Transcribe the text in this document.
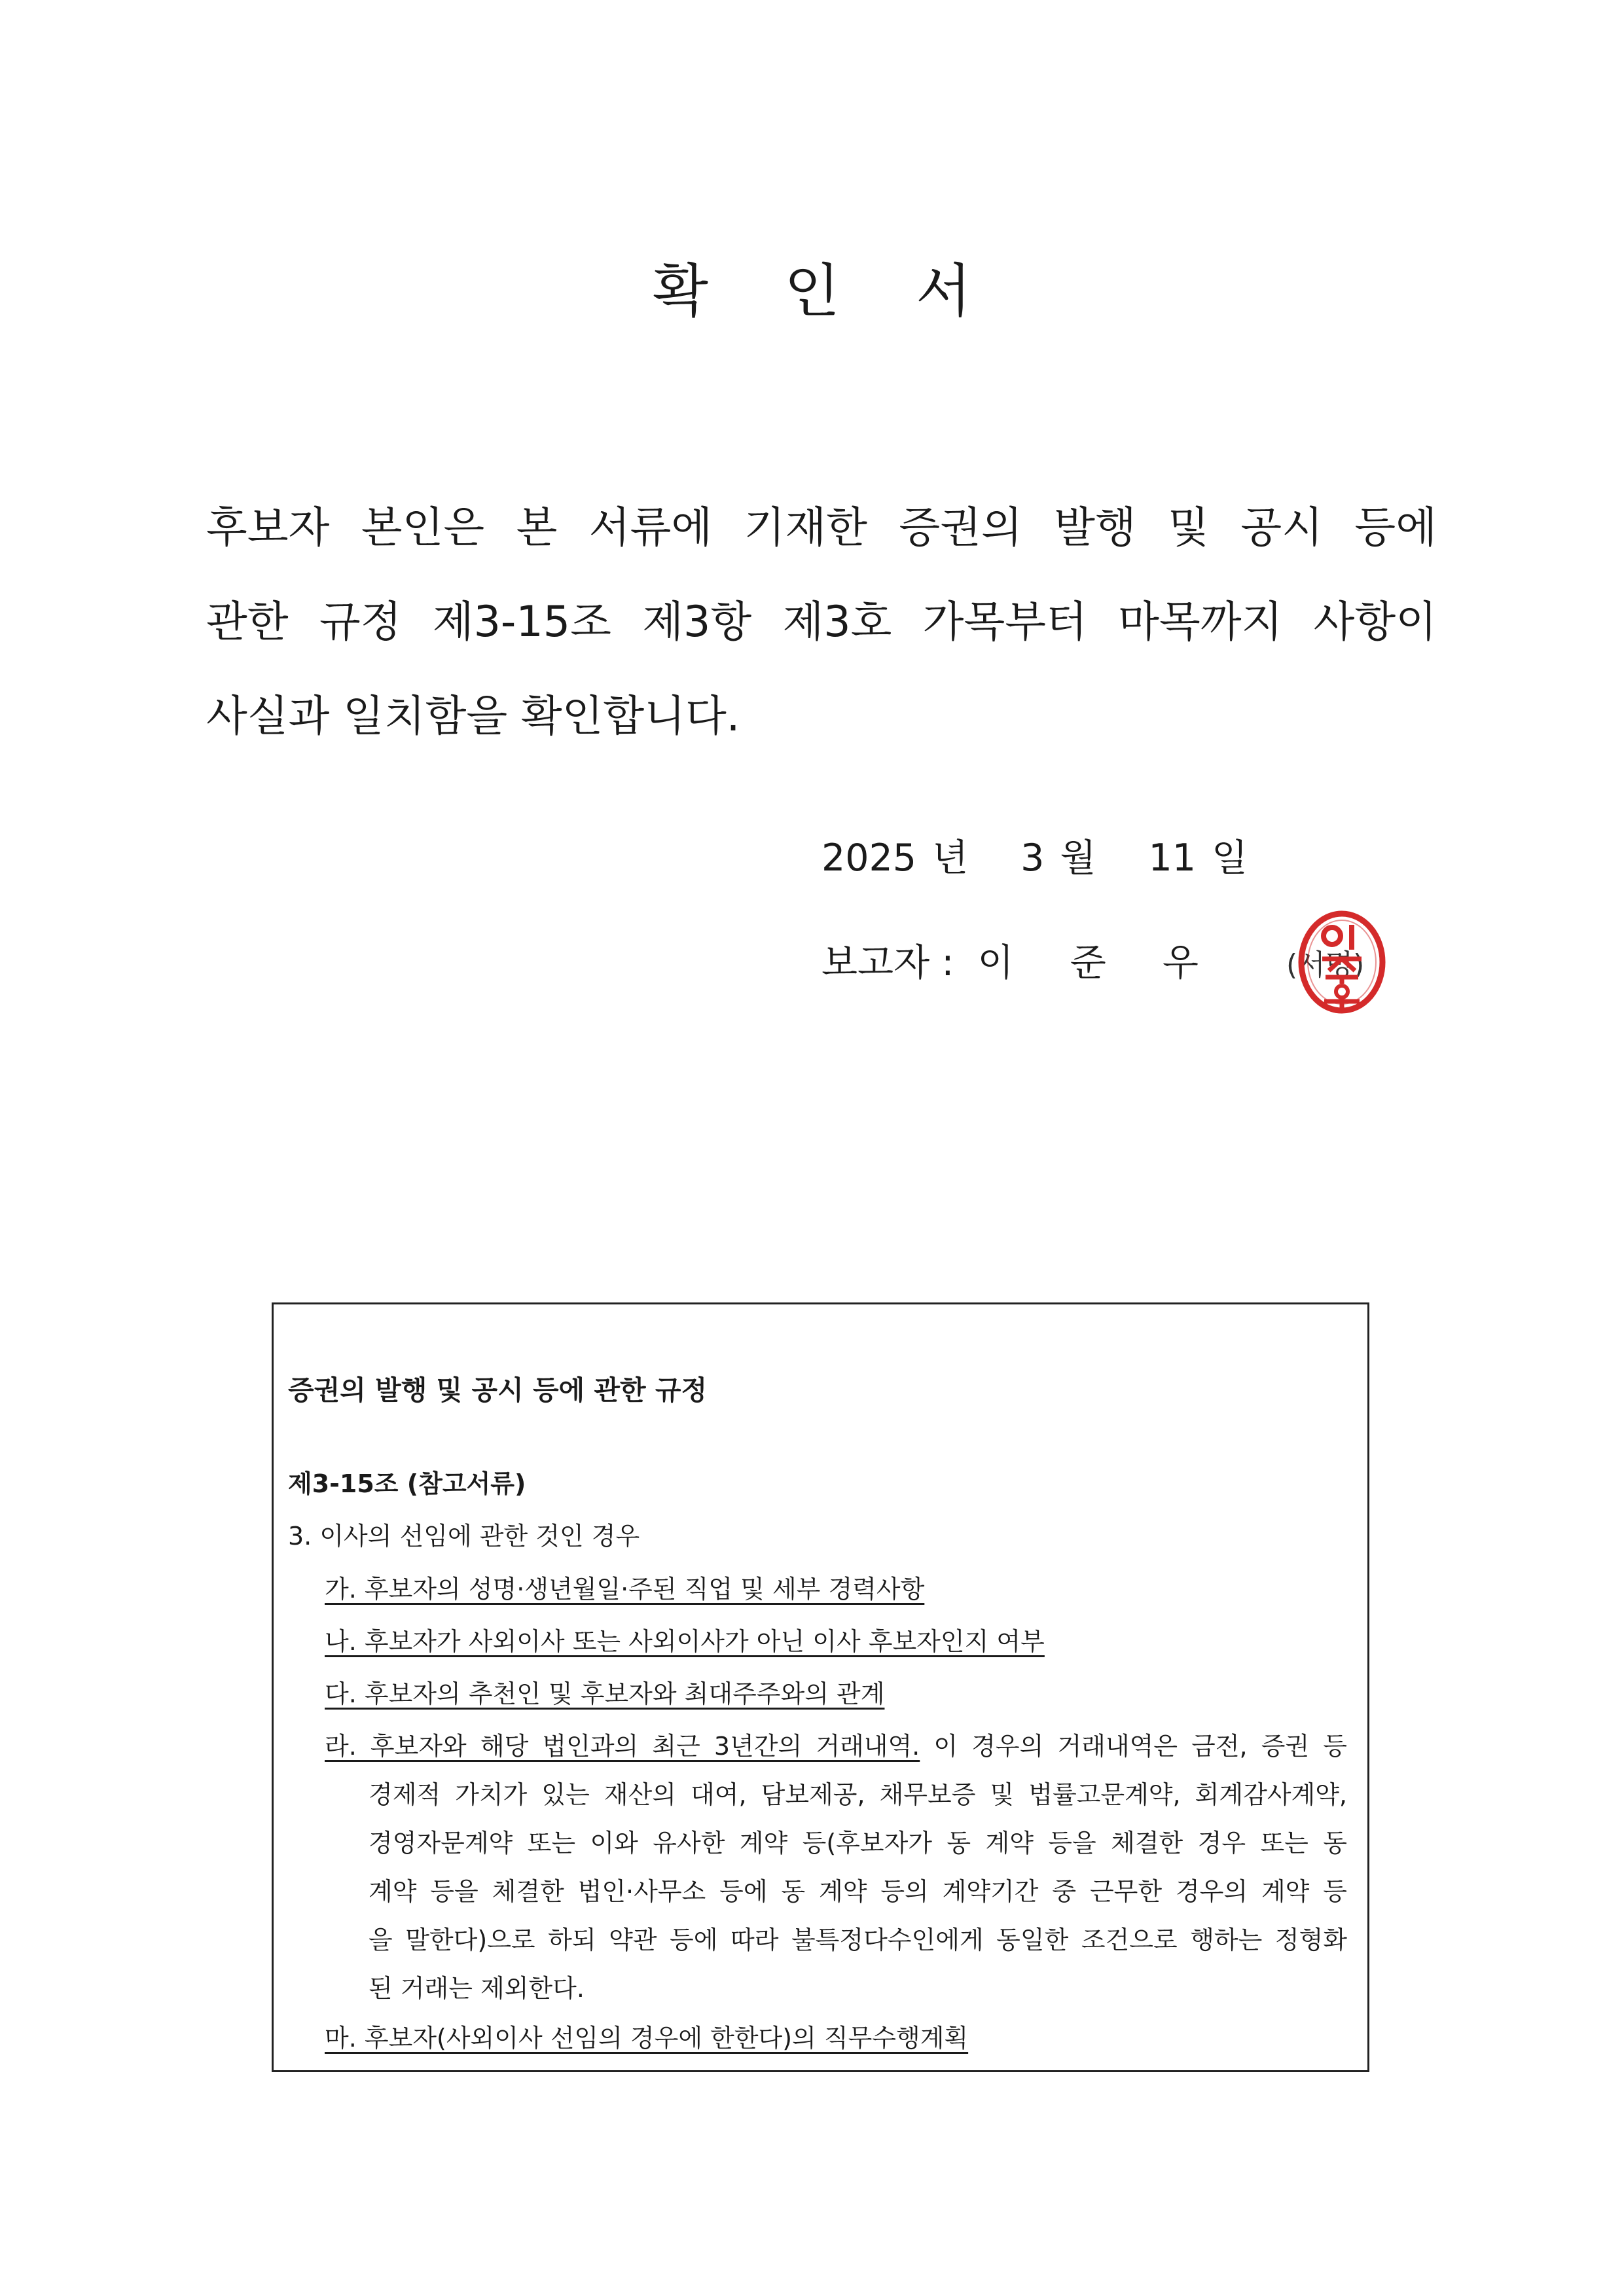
확 인 서
후보자 본인은 본 서류에 기재한 증권의 발행 및 공시 등에
관한 규정 제3-15조 제3항 제3호 가목부터 마목까지 사항이
사실과 일치함을 확인합니다.
2025 년 3 월 11 일
보고자 : 이 준 우 (서명)
증권의 발행 및 공시 등에 관한 규정
제3-15조 (참고서류)
3. 이사의 선임에 관한 것인 경우
가. 후보자의 성명·생년월일·주된 직업 및 세부 경력사항
나. 후보자가 사외이사 또는 사외이사가 아닌 이사 후보자인지 여부
다. 후보자의 추천인 및 후보자와 최대주주와의 관계
라. 후보자와 해당 법인과의 최근 3년간의 거래내역. 이 경우의 거래내역은 금전, 증권 등
경제적 가치가 있는 재산의 대여, 담보제공, 채무보증 및 법률고문계약, 회계감사계약,
경영자문계약 또는 이와 유사한 계약 등(후보자가 동 계약 등을 체결한 경우 또는 동
계약 등을 체결한 법인·사무소 등에 동 계약 등의 계약기간 중 근무한 경우의 계약 등
을 말한다)으로 하되 약관 등에 따라 불특정다수인에게 동일한 조건으로 행하는 정형화
된 거래는 제외한다.
마. 후보자(사외이사 선임의 경우에 한한다)의 직무수행계획
